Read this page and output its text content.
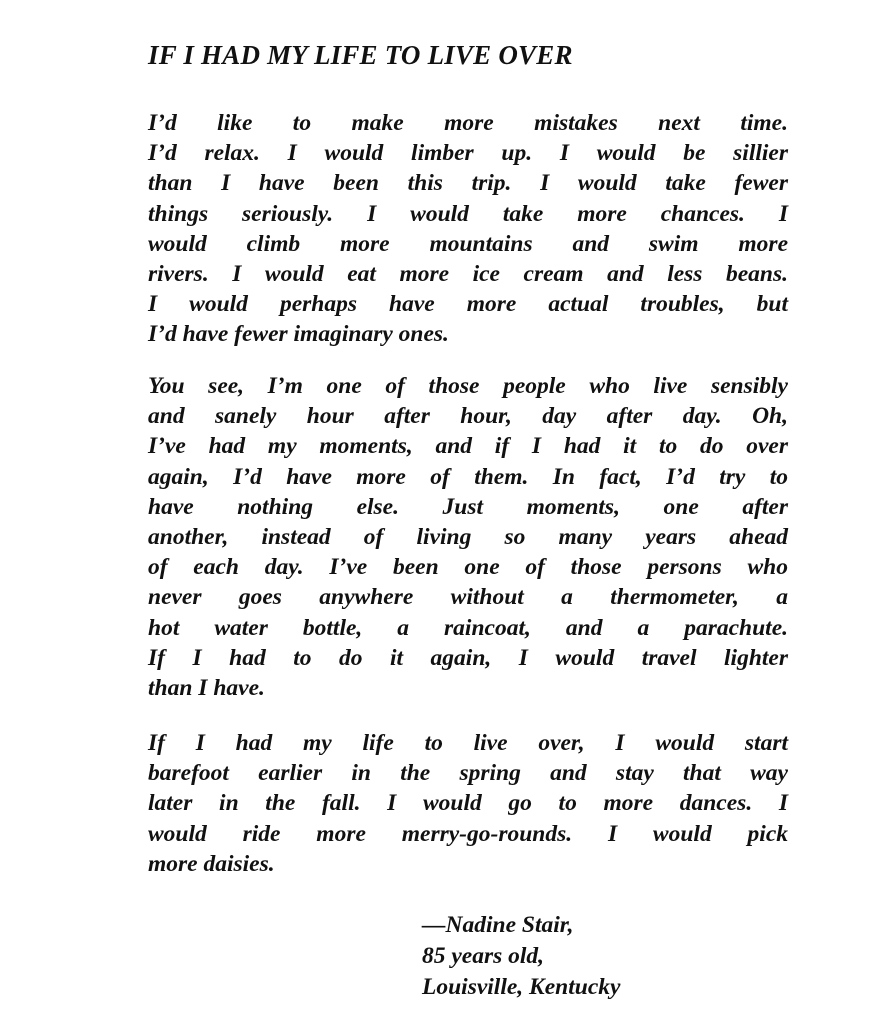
IF I HAD MY LIFE TO LIVE OVER
I’d like to make more mistakes next time.
I’d relax. I would limber up. I would be sillier
than I have been this trip. I would take fewer
things seriously. I would take more chances. I
would climb more mountains and swim more
rivers. I would eat more ice cream and less beans.
I would perhaps have more actual troubles, but
I’d have fewer imaginary ones.
You see, I’m one of those people who live sensibly
and sanely hour after hour, day after day. Oh,
I’ve had my moments, and if I had it to do over
again, I’d have more of them. In fact, I’d try to
have nothing else. Just moments, one after
another, instead of living so many years ahead
of each day. I’ve been one of those persons who
never goes anywhere without a thermometer, a
hot water bottle, a raincoat, and a parachute.
If I had to do it again, I would travel lighter
than I have.
If I had my life to live over, I would start
barefoot earlier in the spring and stay that way
later in the fall. I would go to more dances. I
would ride more merry-go-rounds. I would pick
more daisies.
—Nadine Stair,
85 years old,
Louisville, Kentucky
